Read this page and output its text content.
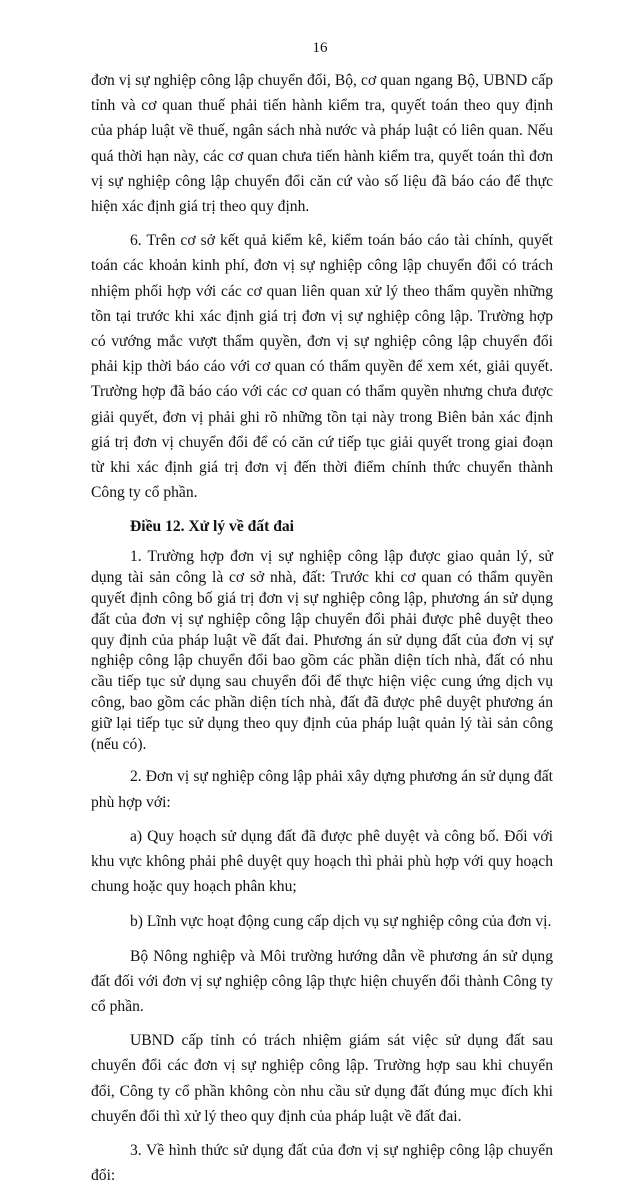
16

đơn vị sự nghiệp công lập chuyển đổi, Bộ, cơ quan ngang Bộ, UBND cấp tỉnh và cơ quan thuế phải tiến hành kiểm tra, quyết toán theo quy định của pháp luật về thuế, ngân sách nhà nước và pháp luật có liên quan. Nếu quá thời hạn này, các cơ quan chưa tiến hành kiểm tra, quyết toán thì đơn vị sự nghiệp công lập chuyển đổi căn cứ vào số liệu đã báo cáo để thực hiện xác định giá trị theo quy định.

6. Trên cơ sở kết quả kiểm kê, kiểm toán báo cáo tài chính, quyết toán các khoản kinh phí, đơn vị sự nghiệp công lập chuyển đổi có trách nhiệm phối hợp với các cơ quan liên quan xử lý theo thẩm quyền những tồn tại trước khi xác định giá trị đơn vị sự nghiệp công lập. Trường hợp có vướng mắc vượt thẩm quyền, đơn vị sự nghiệp công lập chuyển đổi phải kịp thời báo cáo với cơ quan có thẩm quyền để xem xét, giải quyết. Trường hợp đã báo cáo với các cơ quan có thẩm quyền nhưng chưa được giải quyết, đơn vị phải ghi rõ những tồn tại này trong Biên bản xác định giá trị đơn vị chuyển đổi để có căn cứ tiếp tục giải quyết trong giai đoạn từ khi xác định giá trị đơn vị đến thời điểm chính thức chuyển thành Công ty cổ phần.

Điều 12. Xử lý về đất đai

1. Trường hợp đơn vị sự nghiệp công lập được giao quản lý, sử dụng tài sản công là cơ sở nhà, đất: Trước khi cơ quan có thẩm quyền quyết định công bố giá trị đơn vị sự nghiệp công lập, phương án sử dụng đất của đơn vị sự nghiệp công lập chuyển đổi phải được phê duyệt theo quy định của pháp luật về đất đai. Phương án sử dụng đất của đơn vị sự nghiệp công lập chuyển đổi bao gồm các phần diện tích nhà, đất có nhu cầu tiếp tục sử dụng sau chuyển đổi để thực hiện việc cung ứng dịch vụ công, bao gồm các phần diện tích nhà, đất đã được phê duyệt phương án giữ lại tiếp tục sử dụng theo quy định của pháp luật quản lý tài sản công (nếu có).

2. Đơn vị sự nghiệp công lập phải xây dựng phương án sử dụng đất phù hợp với:

a) Quy hoạch sử dụng đất đã được phê duyệt và công bố. Đối với khu vực không phải phê duyệt quy hoạch thì phải phù hợp với quy hoạch chung hoặc quy hoạch phân khu;

b) Lĩnh vực hoạt động cung cấp dịch vụ sự nghiệp công của đơn vị.

Bộ Nông nghiệp và Môi trường hướng dẫn về phương án sử dụng đất đối với đơn vị sự nghiệp công lập thực hiện chuyển đổi thành Công ty cổ phần.

UBND cấp tỉnh có trách nhiệm giám sát việc sử dụng đất sau chuyển đổi các đơn vị sự nghiệp công lập. Trường hợp sau khi chuyển đổi, Công ty cổ phần không còn nhu cầu sử dụng đất đúng mục đích khi chuyển đổi thì xử lý theo quy định của pháp luật về đất đai.

3. Về hình thức sử dụng đất của đơn vị sự nghiệp công lập chuyển đổi:
